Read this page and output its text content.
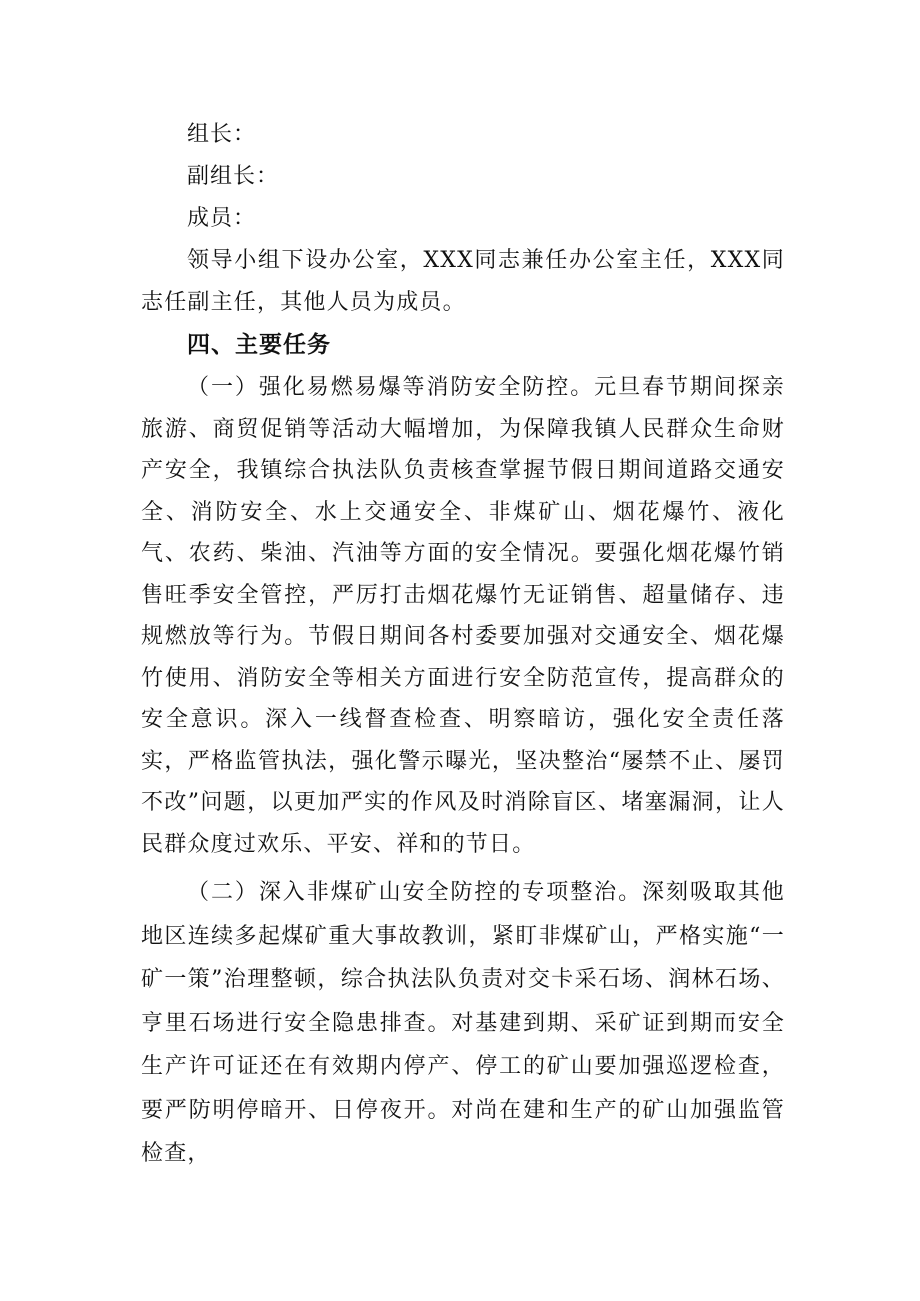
组长：
副组长：
成员：

领导小组下设办公室，XXX同志兼任办公室主任，XXX同志任副主任，其他人员为成员。

四、主要任务

（一）强化易燃易爆等消防安全防控。元旦春节期间探亲旅游、商贸促销等活动大幅增加，为保障我镇人民群众生命财产安全，我镇综合执法队负责核查掌握节假日期间道路交通安全、消防安全、水上交通安全、非煤矿山、烟花爆竹、液化气、农药、柴油、汽油等方面的安全情况。要强化烟花爆竹销售旺季安全管控，严厉打击烟花爆竹无证销售、超量储存、违规燃放等行为。节假日期间各村委要加强对交通安全、烟花爆竹使用、消防安全等相关方面进行安全防范宣传，提高群众的安全意识。深入一线督查检查、明察暗访，强化安全责任落实，严格监管执法，强化警示曝光，坚决整治“屡禁不止、屡罚不改”问题，以更加严实的作风及时消除盲区、堵塞漏洞，让人民群众度过欢乐、平安、祥和的节日。

（二）深入非煤矿山安全防控的专项整治。深刻吸取其他地区连续多起煤矿重大事故教训，紧盯非煤矿山，严格实施“一矿一策”治理整顿，综合执法队负责对交卡采石场、润林石场、亨里石场进行安全隐患排查。对基建到期、采矿证到期而安全生产许可证还在有效期内停产、停工的矿山要加强巡逻检查，要严防明停暗开、日停夜开。对尚在建和生产的矿山加强监管检查，
